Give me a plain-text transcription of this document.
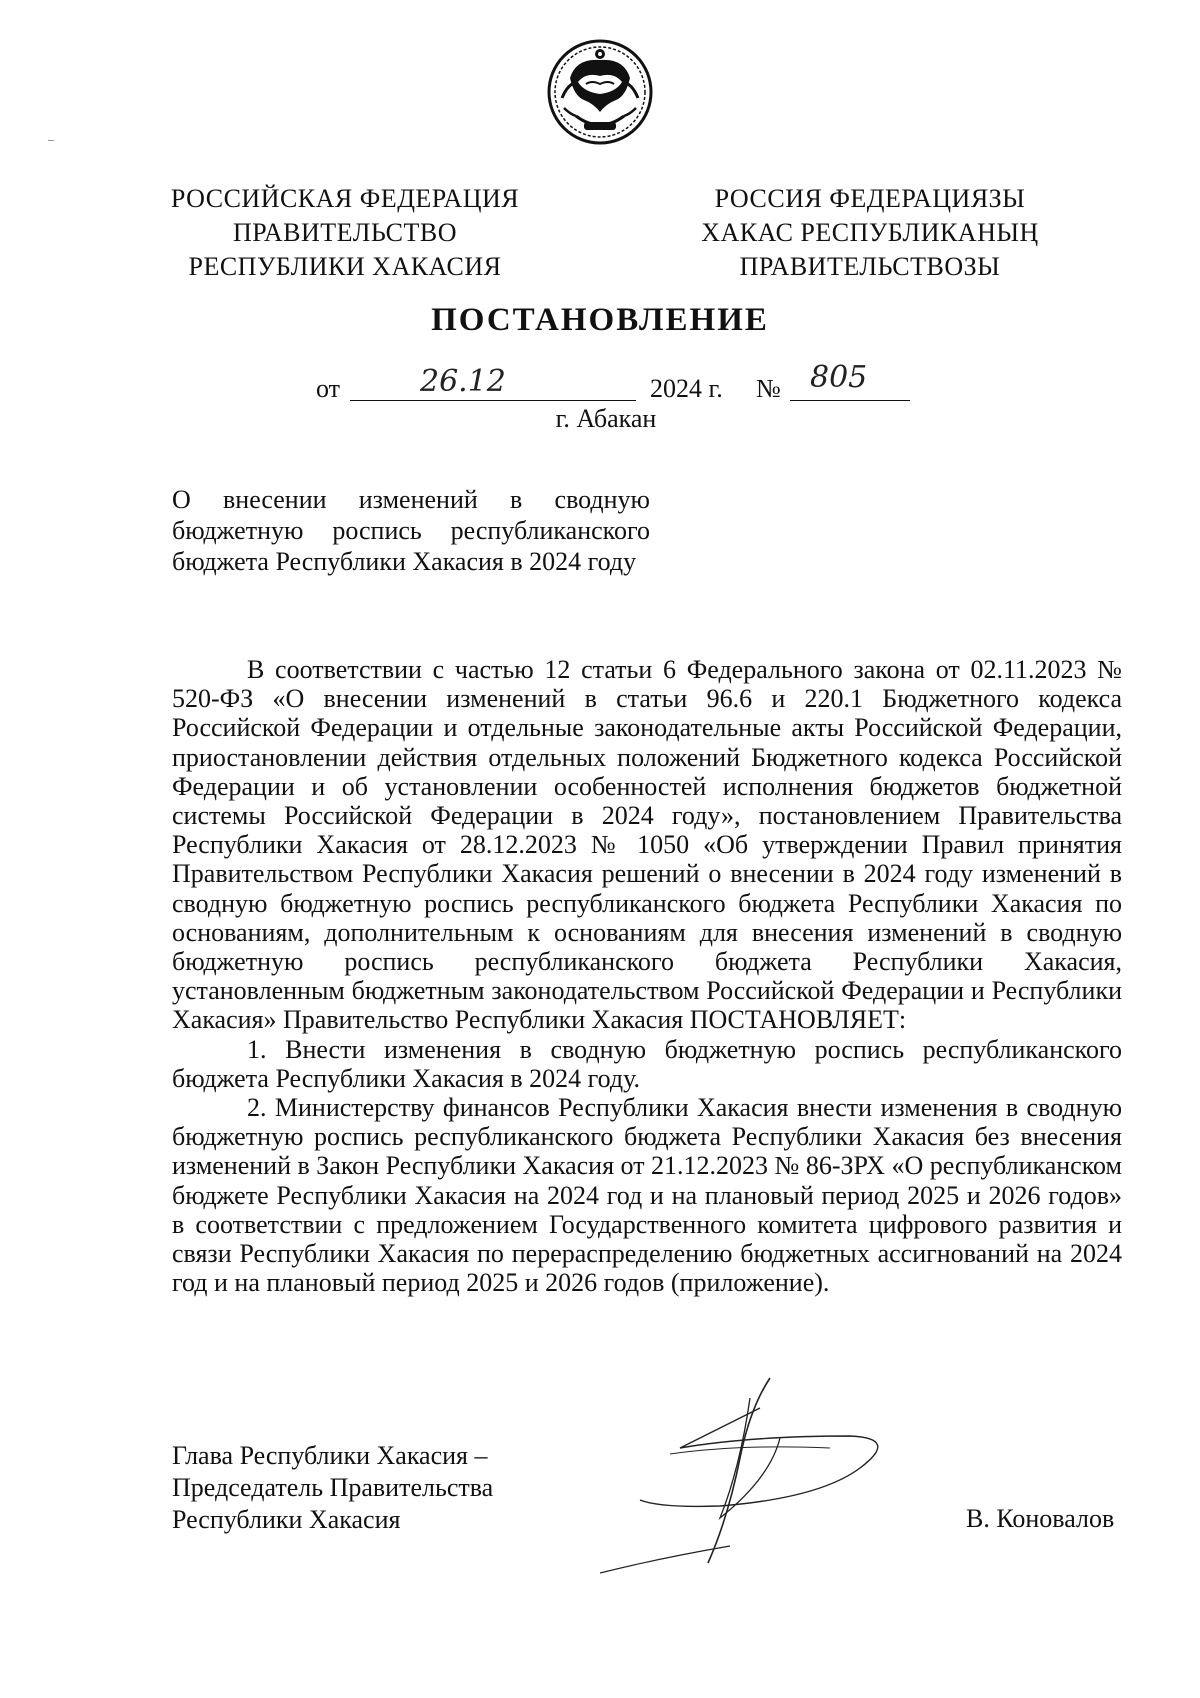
РОССИЙСКАЯ ФЕДЕРАЦИЯ
ПРАВИТЕЛЬСТВО
РЕСПУБЛИКИ ХАКАСИЯ
РОССИЯ ФЕДЕРАЦИЯЗЫ
ХАКАС РЕСПУБЛИКАНЫҢ
ПРАВИТЕЛЬСТВОЗЫ
ПОСТАНОВЛЕНИЕ
от	26.12	2024 г. № 805
г. Абакан
О внесении изменений в сводную бюджетную роспись республиканского бюджета Республики Хакасия в 2024 году

В соответствии с частью 12 статьи 6 Федерального закона от 02.11.2023 № 520-ФЗ «О внесении изменений в статьи 96.6 и 220.1 Бюджетного кодекса Российской Федерации и отдельные законодательные акты Российской Федерации, приостановлении действия отдельных положений Бюджетного кодекса Российской Федерации и об установлении особенностей исполнения бюджетов бюджетной системы Российской Федерации в 2024 году», постановлением Правительства Республики Хакасия от 28.12.2023 № 1050 «Об утверждении Правил принятия Правительством Республики Хакасия решений о внесении в 2024 году изменений в сводную бюджетную роспись республиканского бюджета Республики Хакасия по основаниям, дополнительным к основаниям для внесения изменений в сводную бюджетную роспись республиканского бюджета Республики Хакасия, установленным бюджетным законодательством Российской Федерации и Республики Хакасия» Правительство Республики Хакасия ПОСТАНОВЛЯЕТ:

1. Внести изменения в сводную бюджетную роспись республиканского бюджета Республики Хакасия в 2024 году.

2. Министерству финансов Республики Хакасия внести изменения в сводную бюджетную роспись республиканского бюджета Республики Хакасия без внесения изменений в Закон Республики Хакасия от 21.12.2023 № 86-ЗРХ «О республиканском бюджете Республики Хакасия на 2024 год и на плановый период 2025 и 2026 годов» в соответствии с предложением Государственного комитета цифрового развития и связи Республики Хакасия по перераспределению бюджетных ассигнований на 2024 год и на плановый период 2025 и 2026 годов (приложение).

Глава Республики Хакасия –
Председатель Правительства
Республики Хакасия	В. Коновалов
